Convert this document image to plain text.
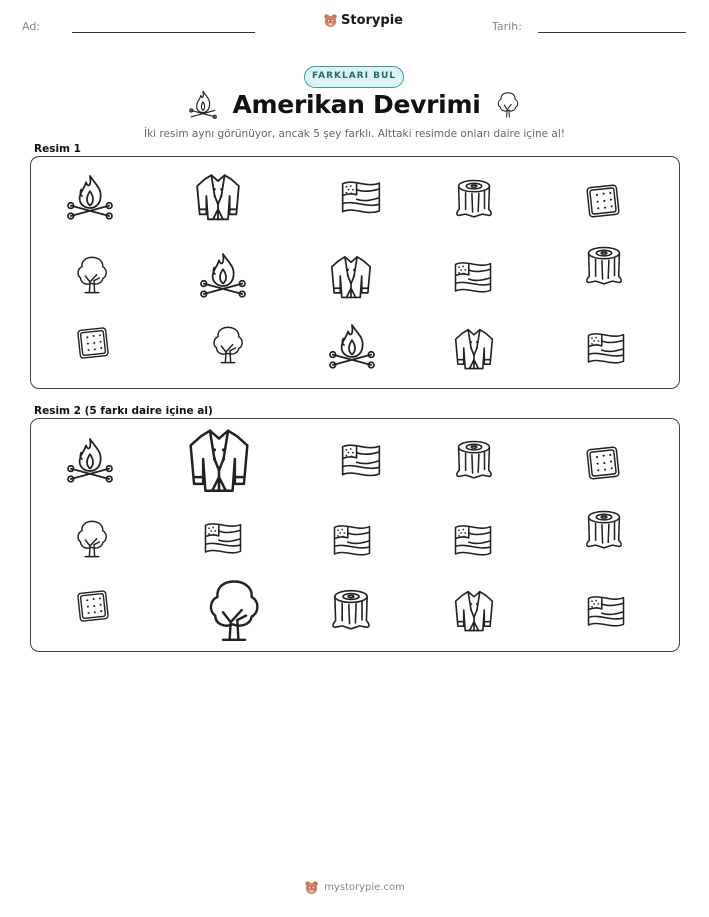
Ad:	Storypie	Tarih:
FARKLARI BUL
Amerikan Devrimi
İki resim aynı görünüyor, ancak 5 şey farklı. Alttaki resimde onları daire içine al!
Resim 1
Resim 2 (5 farkı daire içine al)
mystorypie.com
